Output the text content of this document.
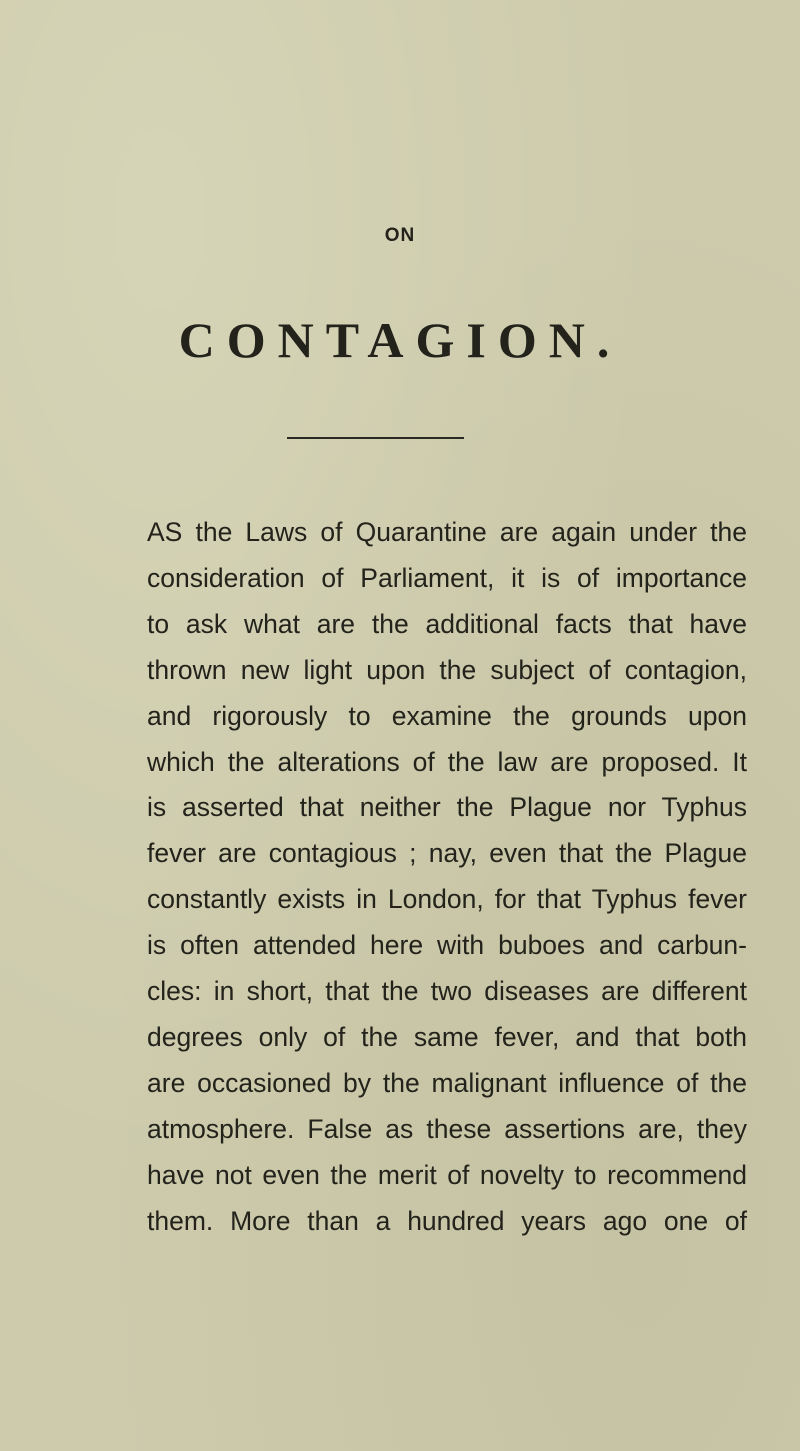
ON
CONTAGION.
AS the Laws of Quarantine are again under the
consideration of Parliament, it is of importance
to ask what are the additional facts that have
thrown new light upon the subject of contagion,
and rigorously to examine the grounds upon
which the alterations of the law are proposed. It
is asserted that neither the Plague nor Typhus
fever are contagious ; nay, even that the Plague
constantly exists in London, for that Typhus fever
is often attended here with buboes and carbun-
cles: in short, that the two diseases are different
degrees only of the same fever, and that both
are occasioned by the malignant influence of the
atmosphere. False as these assertions are, they
have not even the merit of novelty to recommend
them. More than a hundred years ago one of
